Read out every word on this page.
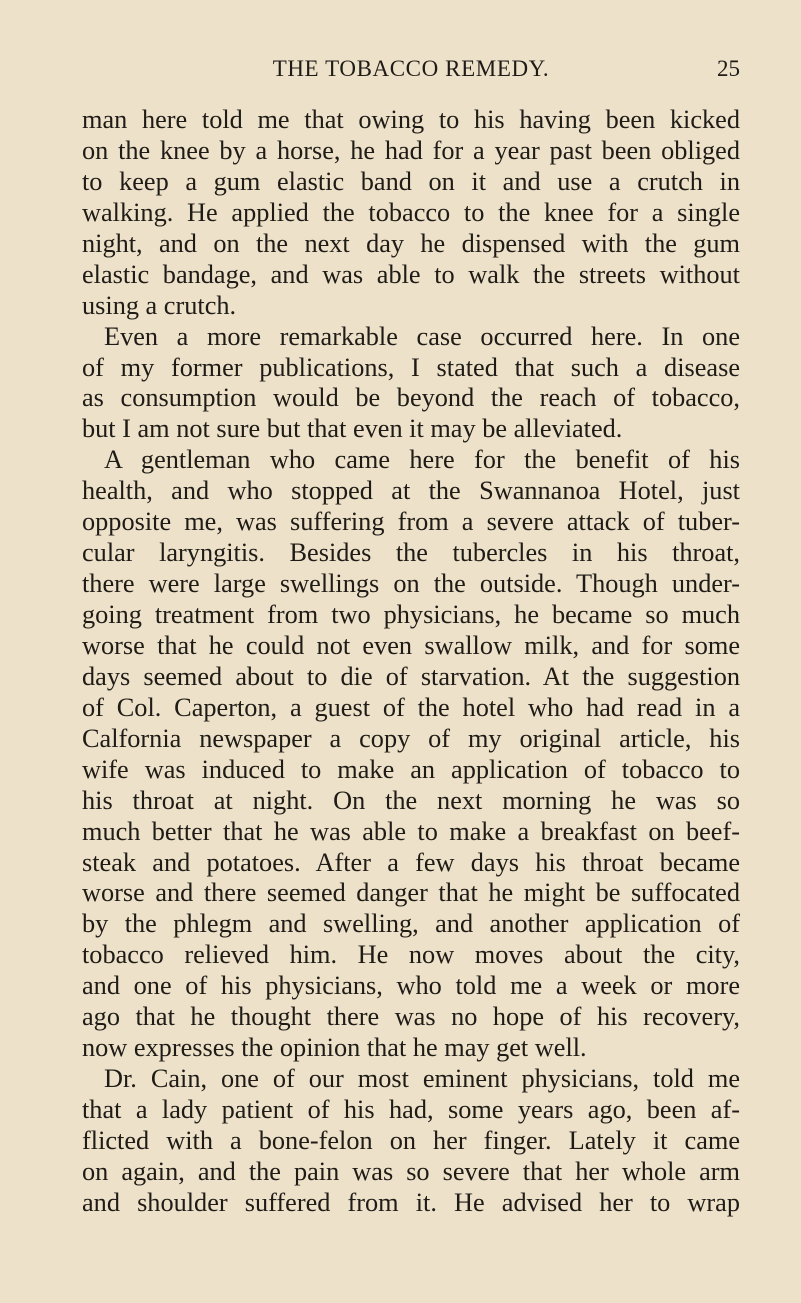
THE TOBACCO REMEDY.	25
man here told me that owing to his having been kicked
on the knee by a horse, he had for a year past been obliged
to keep a gum elastic band on it and use a crutch in
walking. He applied the tobacco to the knee for a single
night, and on the next day he dispensed with the gum
elastic bandage, and was able to walk the streets without
using a crutch.
Even a more remarkable case occurred here. In one
of my former publications, I stated that such a disease
as consumption would be beyond the reach of tobacco,
but I am not sure but that even it may be alleviated.
A gentleman who came here for the benefit of his
health, and who stopped at the Swannanoa Hotel, just
opposite me, was suffering from a severe attack of tuber-
cular laryngitis. Besides the tubercles in his throat,
there were large swellings on the outside. Though under-
going treatment from two physicians, he became so much
worse that he could not even swallow milk, and for some
days seemed about to die of starvation. At the suggestion
of Col. Caperton, a guest of the hotel who had read in a
Calfornia newspaper a copy of my original article, his
wife was induced to make an application of tobacco to
his throat at night. On the next morning he was so
much better that he was able to make a breakfast on beef-
steak and potatoes. After a few days his throat became
worse and there seemed danger that he might be suffocated
by the phlegm and swelling, and another application of
tobacco relieved him. He now moves about the city,
and one of his physicians, who told me a week or more
ago that he thought there was no hope of his recovery,
now expresses the opinion that he may get well.
Dr. Cain, one of our most eminent physicians, told me
that a lady patient of his had, some years ago, been af-
flicted with a bone-felon on her finger. Lately it came
on again, and the pain was so severe that her whole arm
and shoulder suffered from it. He advised her to wrap
